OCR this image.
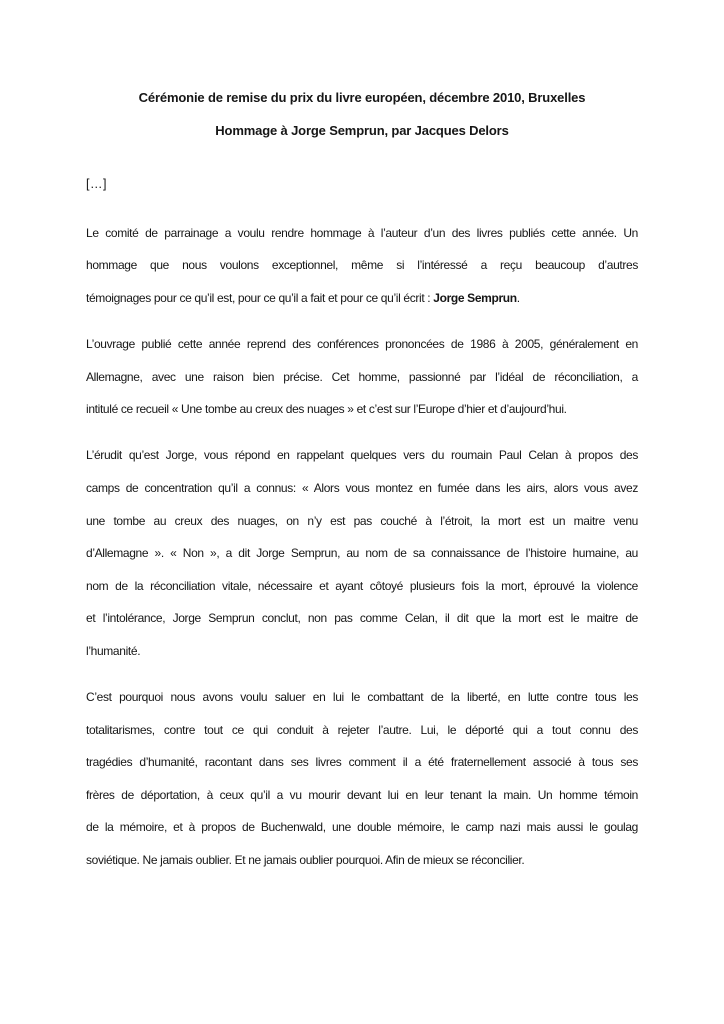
Cérémonie de remise du prix du livre européen, décembre 2010, Bruxelles
Hommage à Jorge Semprun, par Jacques Delors
[…]
Le comité de parrainage a voulu rendre hommage à l’auteur d’un des livres publiés cette année. Un
hommage que nous voulons exceptionnel, même si l’intéressé a reçu beaucoup d’autres
témoignages pour ce qu’il est, pour ce qu’il a fait et pour ce qu’il écrit : Jorge Semprun.
L’ouvrage publié cette année reprend des conférences prononcées de 1986 à 2005, généralement en
Allemagne, avec une raison bien précise. Cet homme, passionné par l’idéal de réconciliation, a
intitulé ce recueil « Une tombe au creux des nuages » et c’est sur l’Europe d’hier et d’aujourd’hui.
L’érudit qu’est Jorge, vous répond en rappelant quelques vers du roumain Paul Celan à propos des
camps de concentration qu’il a connus: « Alors vous montez en fumée dans les airs, alors vous avez
une tombe au creux des nuages, on n’y est pas couché à l’étroit, la mort est un maitre venu
d’Allemagne ». « Non », a dit Jorge Semprun, au nom de sa connaissance de l’histoire humaine, au
nom de la réconciliation vitale, nécessaire et ayant côtoyé plusieurs fois la mort, éprouvé la violence
et l’intolérance, Jorge Semprun conclut, non pas comme Celan, il dit que la mort est le maitre de
l’humanité.
C’est pourquoi nous avons voulu saluer en lui le combattant de la liberté, en lutte contre tous les
totalitarismes, contre tout ce qui conduit à rejeter l’autre. Lui, le déporté qui a tout connu des
tragédies d’humanité, racontant dans ses livres comment il a été fraternellement associé à tous ses
frères de déportation, à ceux qu’il a vu mourir devant lui en leur tenant la main. Un homme témoin
de la mémoire, et à propos de Buchenwald, une double mémoire, le camp nazi mais aussi le goulag
soviétique. Ne jamais oublier. Et ne jamais oublier pourquoi. Afin de mieux se réconcilier.
